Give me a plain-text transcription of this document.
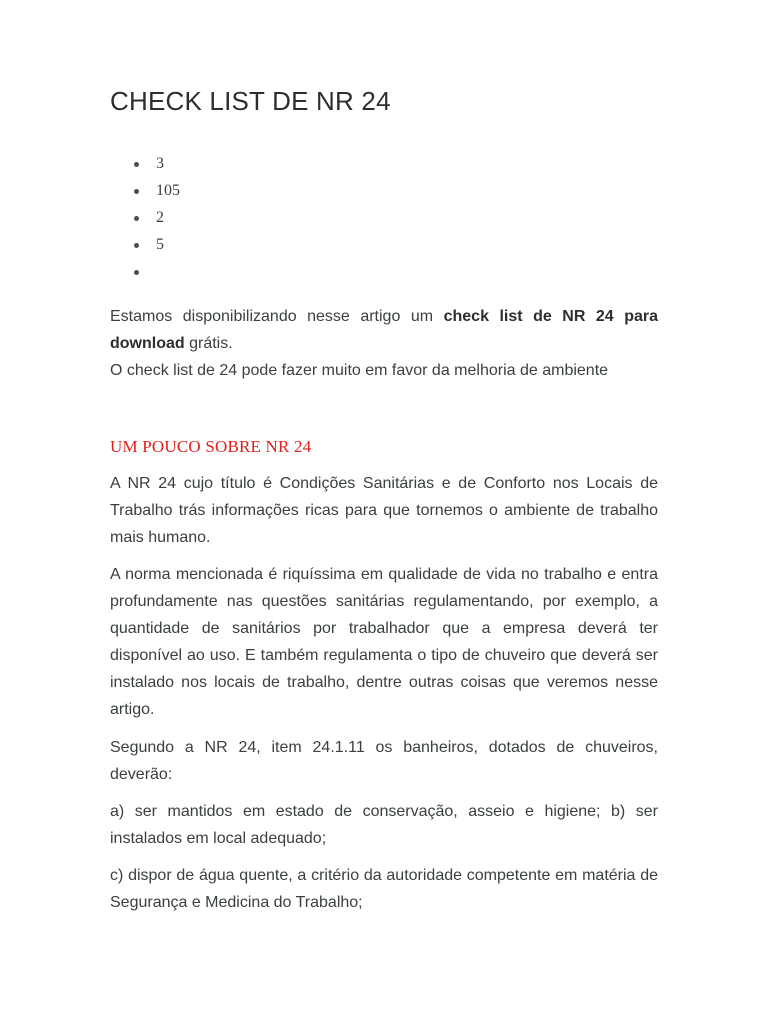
CHECK LIST DE NR 24
3
105
2
5

Estamos disponibilizando nesse artigo um check list de NR 24 para download grátis.

O check list de 24 pode fazer muito em favor da melhoria de ambiente

UM POUCO SOBRE NR 24

A NR 24 cujo título é Condições Sanitárias e de Conforto nos Locais de Trabalho trás informações ricas para que tornemos o ambiente de trabalho mais humano.

A norma mencionada é riquíssima em qualidade de vida no trabalho e entra profundamente nas questões sanitárias regulamentando, por exemplo, a quantidade de sanitários por trabalhador que a empresa deverá ter disponível ao uso. E também regulamenta o tipo de chuveiro que deverá ser instalado nos locais de trabalho, dentre outras coisas que veremos nesse artigo.

Segundo a NR 24, item 24.1.11 os banheiros, dotados de chuveiros, deverão:

a) ser mantidos em estado de conservação, asseio e higiene; b) ser instalados em local adequado;

c) dispor de água quente, a critério da autoridade competente em matéria de Segurança e Medicina do Trabalho;
